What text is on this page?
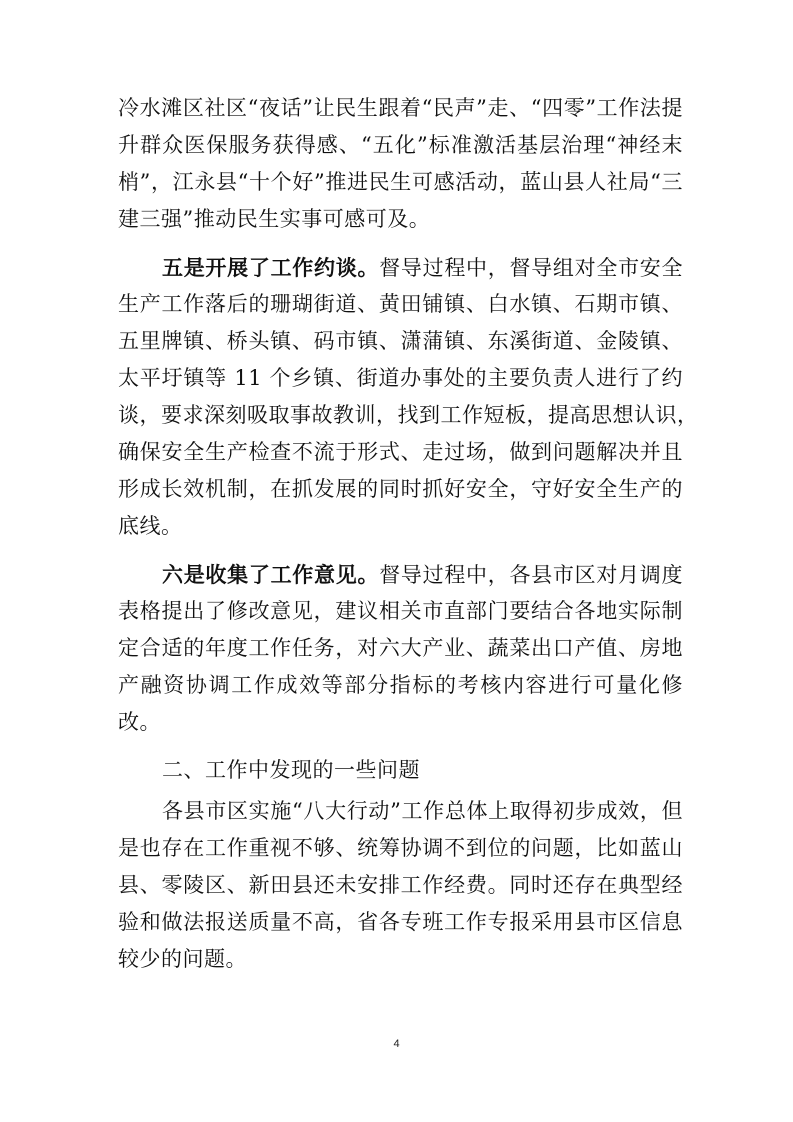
冷水滩区社区“夜话”让民生跟着“民声”走、“四零”工作法提
升群众医保服务获得感、“五化”标准激活基层治理“神经末
梢”，江永县“十个好”推进民生可感活动，蓝山县人社局“三
建三强”推动民生实事可感可及。
五是开展了工作约谈。督导过程中，督导组对全市安全
生产工作落后的珊瑚街道、黄田铺镇、白水镇、石期市镇、
五里牌镇、桥头镇、码市镇、潇蒲镇、东溪街道、金陵镇、
太平圩镇等 11 个乡镇、街道办事处的主要负责人进行了约
谈，要求深刻吸取事故教训，找到工作短板，提高思想认识，
确保安全生产检查不流于形式、走过场，做到问题解决并且
形成长效机制，在抓发展的同时抓好安全，守好安全生产的
底线。
六是收集了工作意见。督导过程中，各县市区对月调度
表格提出了修改意见，建议相关市直部门要结合各地实际制
定合适的年度工作任务，对六大产业、蔬菜出口产值、房地
产融资协调工作成效等部分指标的考核内容进行可量化修
改。
二、工作中发现的一些问题
各县市区实施“八大行动”工作总体上取得初步成效，但
是也存在工作重视不够、统筹协调不到位的问题，比如蓝山
县、零陵区、新田县还未安排工作经费。同时还存在典型经
验和做法报送质量不高，省各专班工作专报采用县市区信息
较少的问题。
4
